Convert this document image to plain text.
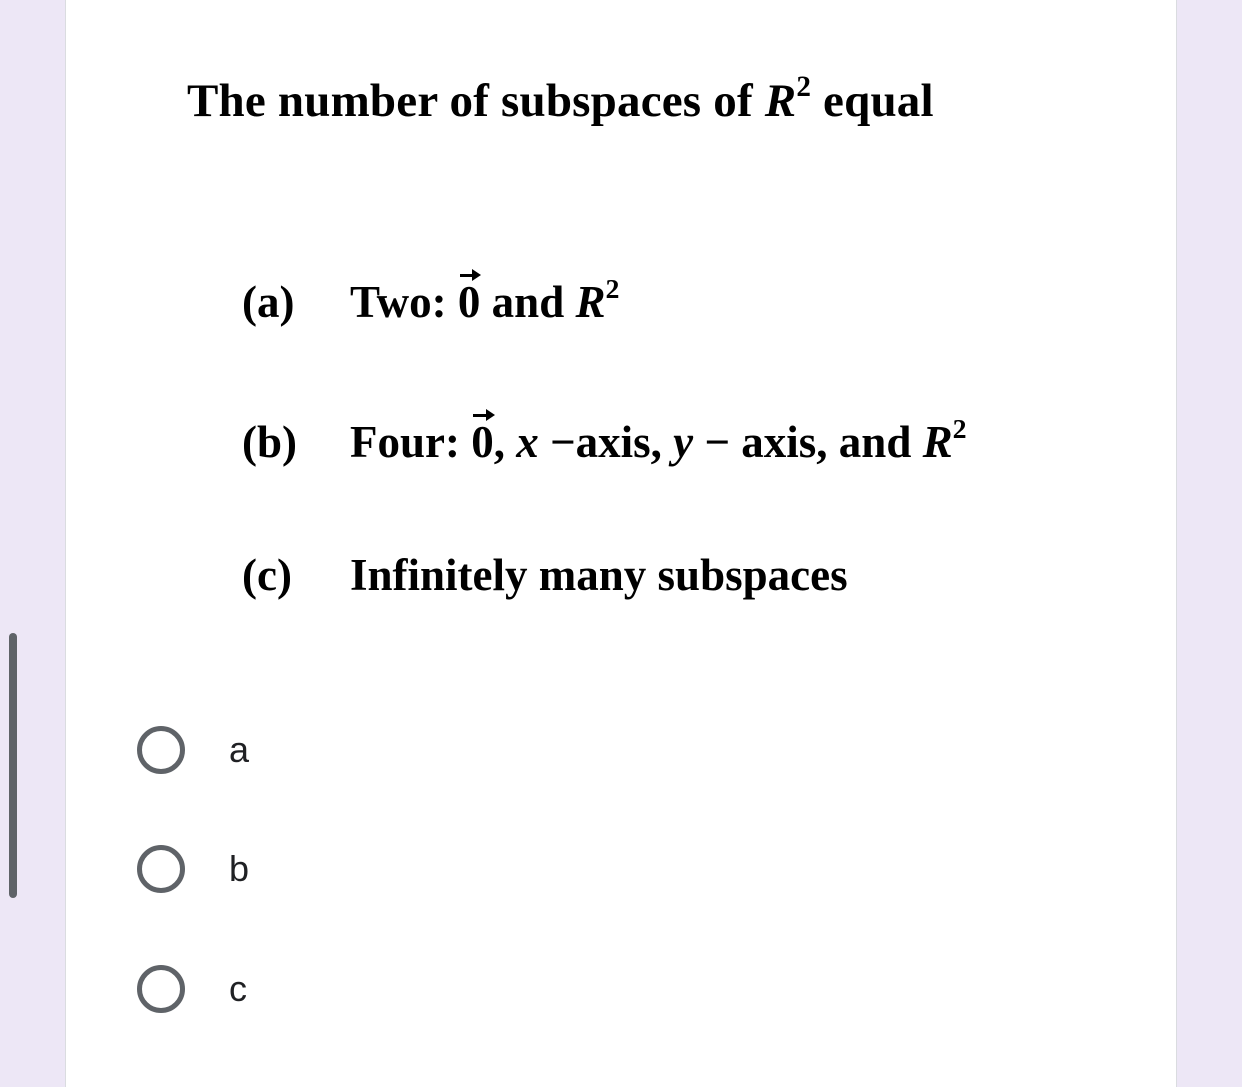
The number of subspaces of $R^2$ equal
(a) Two: 0 and $R^2$
(b) Four: 0, x −axis, y − axis, and $R^2$
(c) Infinitely many subspaces
a
b
c
